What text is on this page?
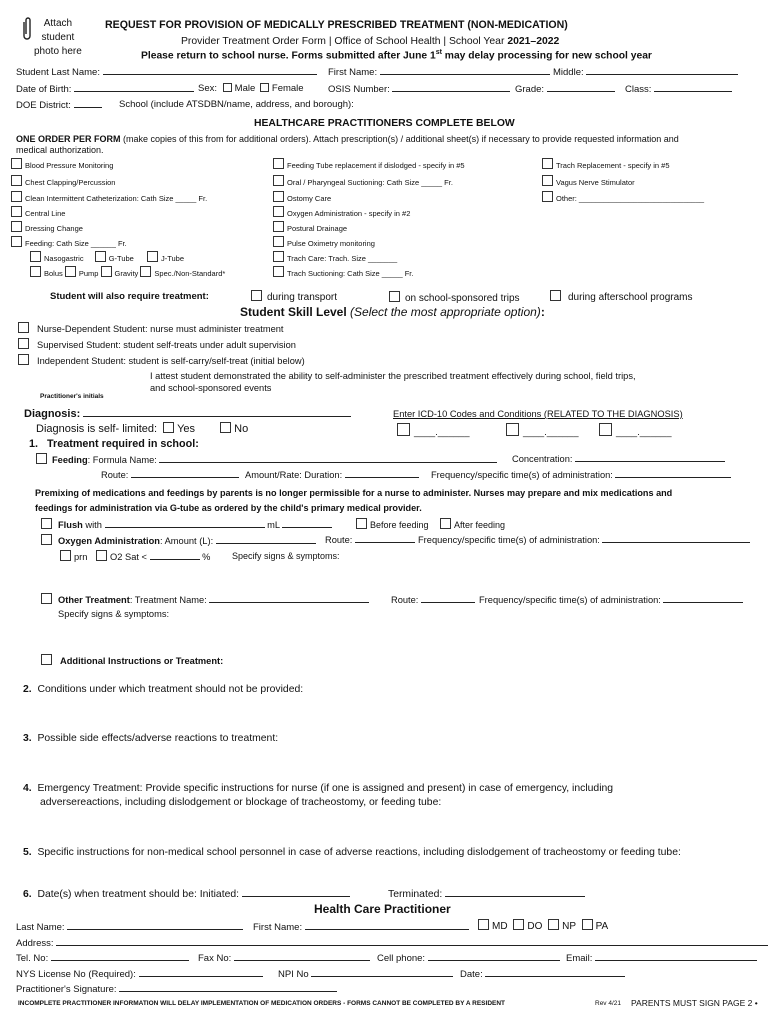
Attach
student
photo here
REQUEST FOR PROVISION OF MEDICALLY PRESCRIBED TREATMENT (NON-MEDICATION)
Provider Treatment Order Form | Office of School Health | School Year 2021–2022
Please return to school nurse. Forms submitted after June 1st may delay processing for new school year
Student Last Name:	First Name:	Middle:
Date of Birth:	Sex: Male Female	OSIS Number:	Grade:	Class:
DOE District:	School (include ATSDBN/name, address, and borough):
HEALTHCARE PRACTITIONERS COMPLETE BELOW
ONE ORDER PER FORM (make copies of this from for additional orders). Attach prescription(s) / additional sheet(s) if necessary to provide requested information and
medical authorization.
Blood Pressure Monitoring
Chest Clapping/Percussion
Clean Intermittent Catheterization: Cath Size _____ Fr.
Central Line
Dressing Change
Feeding: Cath Size ______ Fr.
Nasogastric	G-Tube	J-Tube
Bolus Pump Gravity Spec./Non-Standard*
Feeding Tube replacement if dislodged - specify in #5
Oral / Pharyngeal Suctioning: Cath Size _____ Fr.
Ostomy Care
Oxygen Administration - specify in #2
Postural Drainage
Pulse Oximetry monitoring
Trach Care: Trach. Size _______
Trach Suctioning: Cath Size _____ Fr.
Trach Replacement - specify in #5
Vagus Nerve Stimulator
Other: ______________________________
Student will also require treatment:	during transport	on school-sponsored trips	during afterschool programs
Student Skill Level (Select the most appropriate option):
Nurse-Dependent Student: nurse must administer treatment
Supervised Student: student self-treats under adult supervision
Independent Student: student is self-carry/self-treat (initial below)
I attest student demonstrated the ability to self-administer the prescribed treatment effectively during school, field trips,
and school-sponsored events
Practitioner's initials
Diagnosis:
Diagnosis is self- limited: Yes	No
Enter ICD-10 Codes and Conditions (RELATED TO THE DIAGNOSIS)
____.______	____.______	____.______
1. Treatment required in school:
Feeding: Formula Name:	Concentration:
Route:	Amount/Rate: Duration:	Frequency/specific time(s) of administration:
Premixing of medications and feedings by parents is no longer permissible for a nurse to administer. Nurses may prepare and mix medications and
feedings for administration via G-tube as ordered by the child's primary medical provider.
Flush with	mL	Before feeding	After feeding
Oxygen Administration: Amount (L):	Route:	Frequency/specific time(s) of administration:
prn O2 Sat <	% Specify signs & symptoms:
Other Treatment: Treatment Name:	Route:	Frequency/specific time(s) of administration:
Specify signs & symptoms:
Additional Instructions or Treatment:
2. Conditions under which treatment should not be provided:
3. Possible side effects/adverse reactions to treatment:
4. Emergency Treatment: Provide specific instructions for nurse (if one is assigned and present) in case of emergency, including
adversereactions, including dislodgement or blockage of tracheostomy, or feeding tube:
5. Specific instructions for non-medical school personnel in case of adverse reactions, including dislodgement of tracheostomy or feeding tube:
6. Date(s) when treatment should be: Initiated:	Terminated:
Health Care Practitioner
Last Name:	First Name:	MD DO NP PA
Address:
Tel. No:	Fax No:	Cell phone:	Email:
NYS License No (Required):	NPI No	Date:
Practitioner's Signature:
INCOMPLETE PRACTITIONER INFORMATION WILL DELAY IMPLEMENTATION OF MEDICATION ORDERS - FORMS CANNOT BE COMPLETED BY A RESIDENT	Rev 4/21 PARENTS MUST SIGN PAGE 2 •
